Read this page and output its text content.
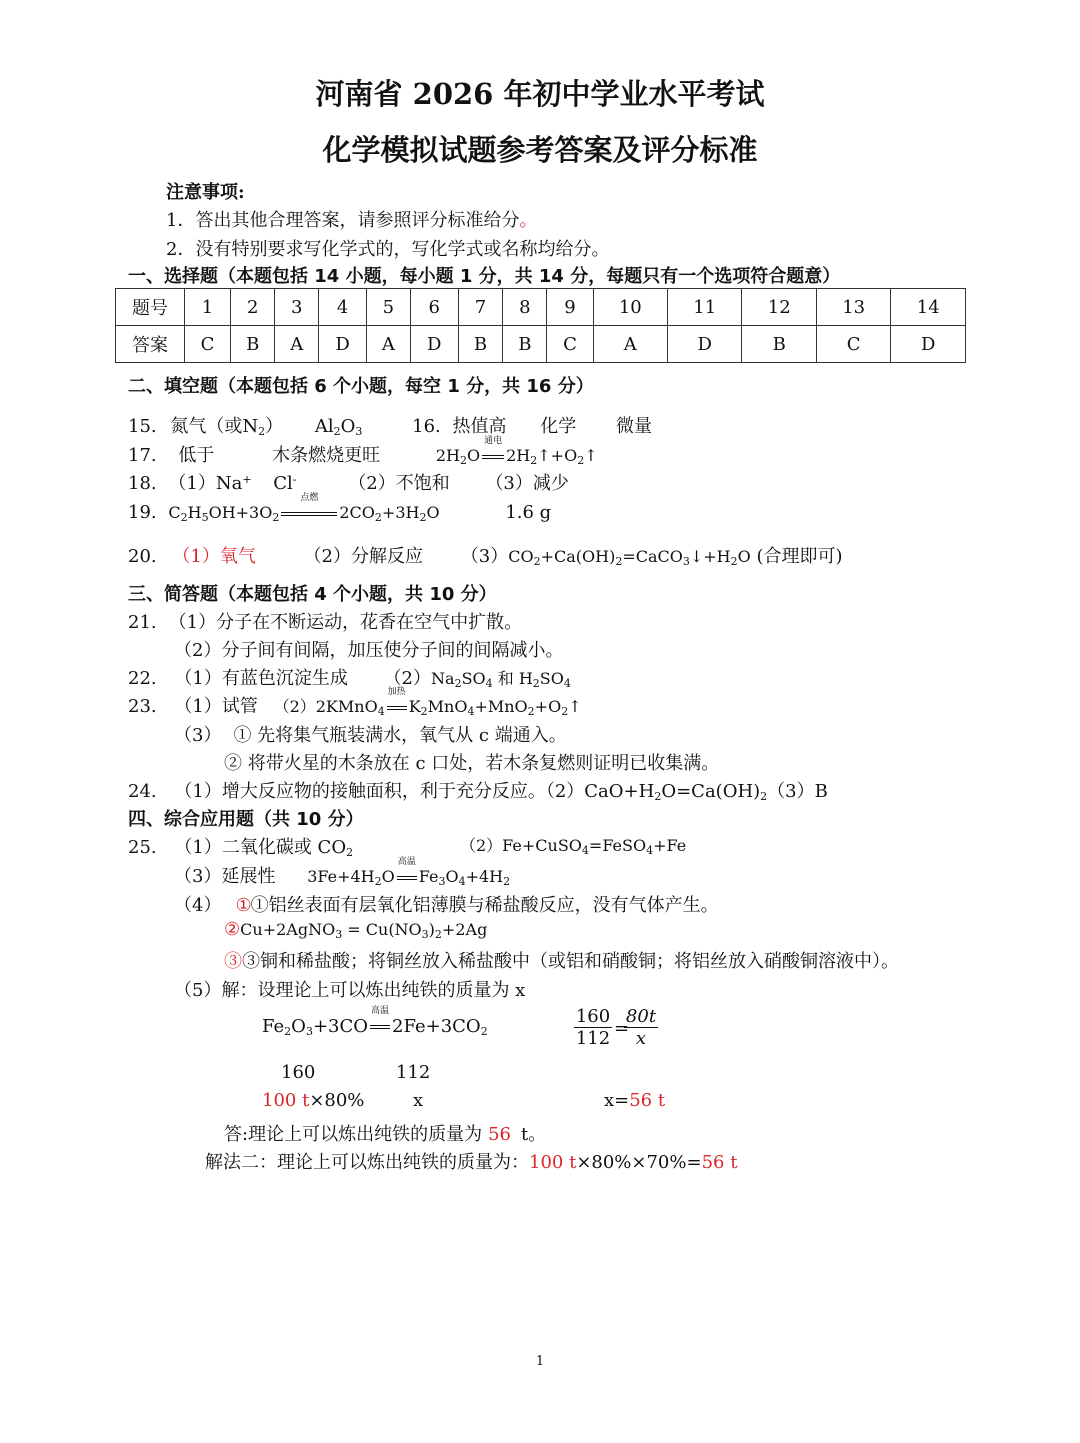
河南省 2026 年初中学业水平考试
化学模拟试题参考答案及评分标准
注意事项:
1．答出其他合理答案，请参照评分标准给分。
2．没有特别要求写化学式的，写化学式或名称均给分。
一、选择题（本题包括 14 小题，每小题 1 分，共 14 分，每题只有一个选项符合题意）
题号	1	2	3	4	5	6	7	8	9	10	11	12	13	14
答案	C	B	A	D	A	D	B	B	C	A	D	B	C	D
二、填空题（本题包括 6 个小题，每空 1 分，共 16 分）
15. 氮气（或$N_2$） $Al_2O_3$	16. 热值高 化学 微量
17. 低于	木条燃烧更旺	$2H_2O$
通电
$2H_2↑+O_2↑$
18. （1）Na+ Cl-	（2）不饱和 （3）减少
19. $C_2H_5OH+3O_2$
点燃
$2CO_2+3H_2O$	1.6 g
20. （1）氧气	（2）分解反应 $(3)CO_2+Ca(OH)_2=CaCO_3↓+H_2O$ (合理即可)
三、简答题（本题包括 4 个小题，共 10 分）
21. （1）分子在不断运动，花香在空气中扩散。
（2）分子间有间隔，加压使分子间的间隔减小。
22. （1）有蓝色沉淀生成 $(2)Na_2SO_4$ 和 $H_2SO_4$
23. （1）试管 （2）2KMnO$_4$
加热
$K_2MnO_4+MnO_2+O_2↑$
（3） ① 先将集气瓶装满水，氧气从 c 端通入。
② 将带火星的木条放在 c 口处，若木条复燃则证明已收集满。
24. （1）增大反应物的接触面积，利于充分反应。$(2)CaO+H_2O=Ca(OH)_2(3)B$
四、综合应用题（共 10 分）
25. （1）二氧化碳或 $CO_2$	（2）Fe+CuSO$_4$=FeSO$_4$+Fe
（3）延展性 $3Fe+4H_2O$
高温
$Fe_3O_4+4H_2$
（4） ①①铝丝表面有层氧化铝薄膜与稀盐酸反应，没有气体产生。
②Cu+2AgNO$_3$ = $Cu(NO_3)_2+2Ag$
③③铜和稀盐酸；将铜丝放入稀盐酸中（或铝和硝酸铜；将铝丝放入硝酸铜溶液中）。
（5）解：设理论上可以炼出纯铁的质量为 x
$Fe_2O_3+3CO$
高温
$2Fe+3CO_2$
160
112 =
80t
x
160	112
100 t×80%	x	x=56 t
答:理论上可以炼出纯铁的质量为 56 t。
解法二：理论上可以炼出纯铁的质量为：100 t×80%×70%=56 t
1
